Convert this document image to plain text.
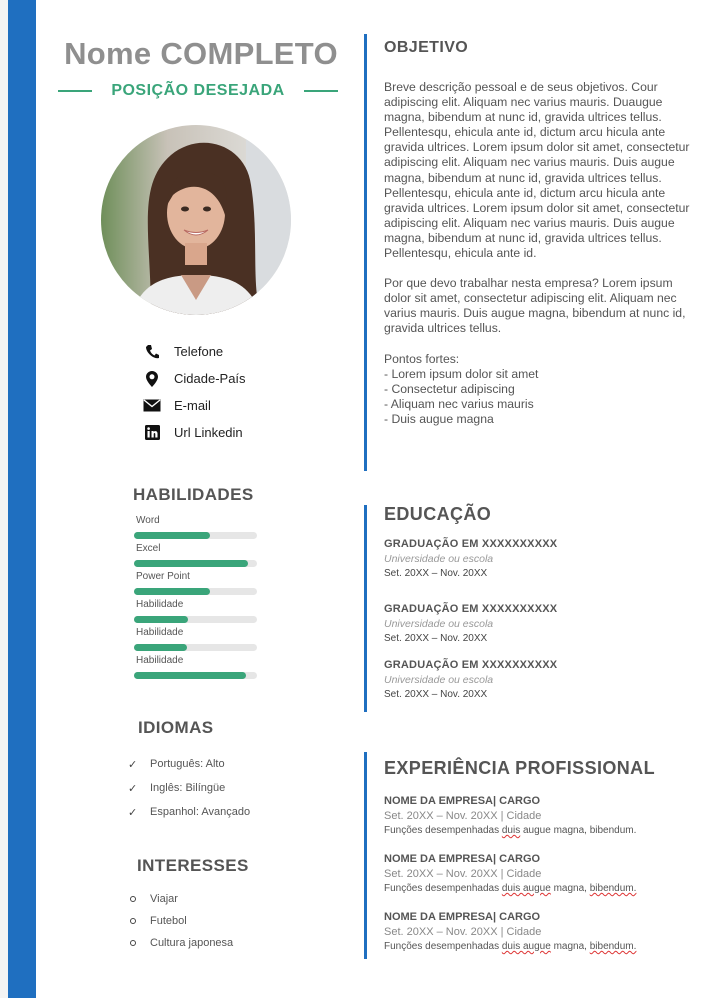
Nome COMPLETO
POSIÇÃO DESEJADA
Telefone
Cidade-País
E-mail
Url Linkedin
HABILIDADES
Word
Excel
Power Point
Habilidade
Habilidade
Habilidade
IDIOMAS
✓	Português: Alto
✓	Inglês: Bilíngüe
✓	Espanhol: Avançado
INTERESSES
Viajar
Futebol
Cultura japonesa
OBJETIVO

Breve descrição pessoal e de seus objetivos. Cour adipiscing elit. Aliquam nec varius mauris. Duaugue magna, bibendum at nunc id, gravida ultrices tellus. Pellentesqu, ehicula ante id, dictum arcu hicula ante gravida ultrices. Lorem ipsum dolor sit amet, consectetur adipiscing elit. Aliquam nec varius mauris. Duis augue magna, bibendum at nunc id, gravida ultrices tellus. Pellentesqu, ehicula ante id, dictum arcu hicula ante gravida ultrices. Lorem ipsum dolor sit amet, consectetur adipiscing elit. Aliquam nec varius mauris. Duis augue magna, bibendum at nunc id, gravida ultrices tellus. Pellentesqu, ehicula ante id.

Por que devo trabalhar nesta empresa? Lorem ipsum dolor sit amet, consectetur adipiscing elit. Aliquam nec varius mauris. Duis augue magna, bibendum at nunc id, gravida ultrices tellus.

Pontos fortes:
- Lorem ipsum dolor sit amet
- Consectetur adipiscing
- Aliquam nec varius mauris
- Duis augue magna
EDUCAÇÃO
GRADUAÇÃO EM XXXXXXXXXX
Universidade ou escola
Set. 20XX – Nov. 20XX
GRADUAÇÃO EM XXXXXXXXXX
Universidade ou escola
Set. 20XX – Nov. 20XX
GRADUAÇÃO EM XXXXXXXXXX
Universidade ou escola
Set. 20XX – Nov. 20XX
EXPERIÊNCIA PROFISSIONAL
NOME DA EMPRESA| CARGO
Set. 20XX – Nov. 20XX | Cidade
Funções desempenhadas duis augue magna, bibendum.
NOME DA EMPRESA| CARGO
Set. 20XX – Nov. 20XX | Cidade
Funções desempenhadas duis augue magna, bibendum.
NOME DA EMPRESA| CARGO
Set. 20XX – Nov. 20XX | Cidade
Funções desempenhadas duis augue magna, bibendum.
